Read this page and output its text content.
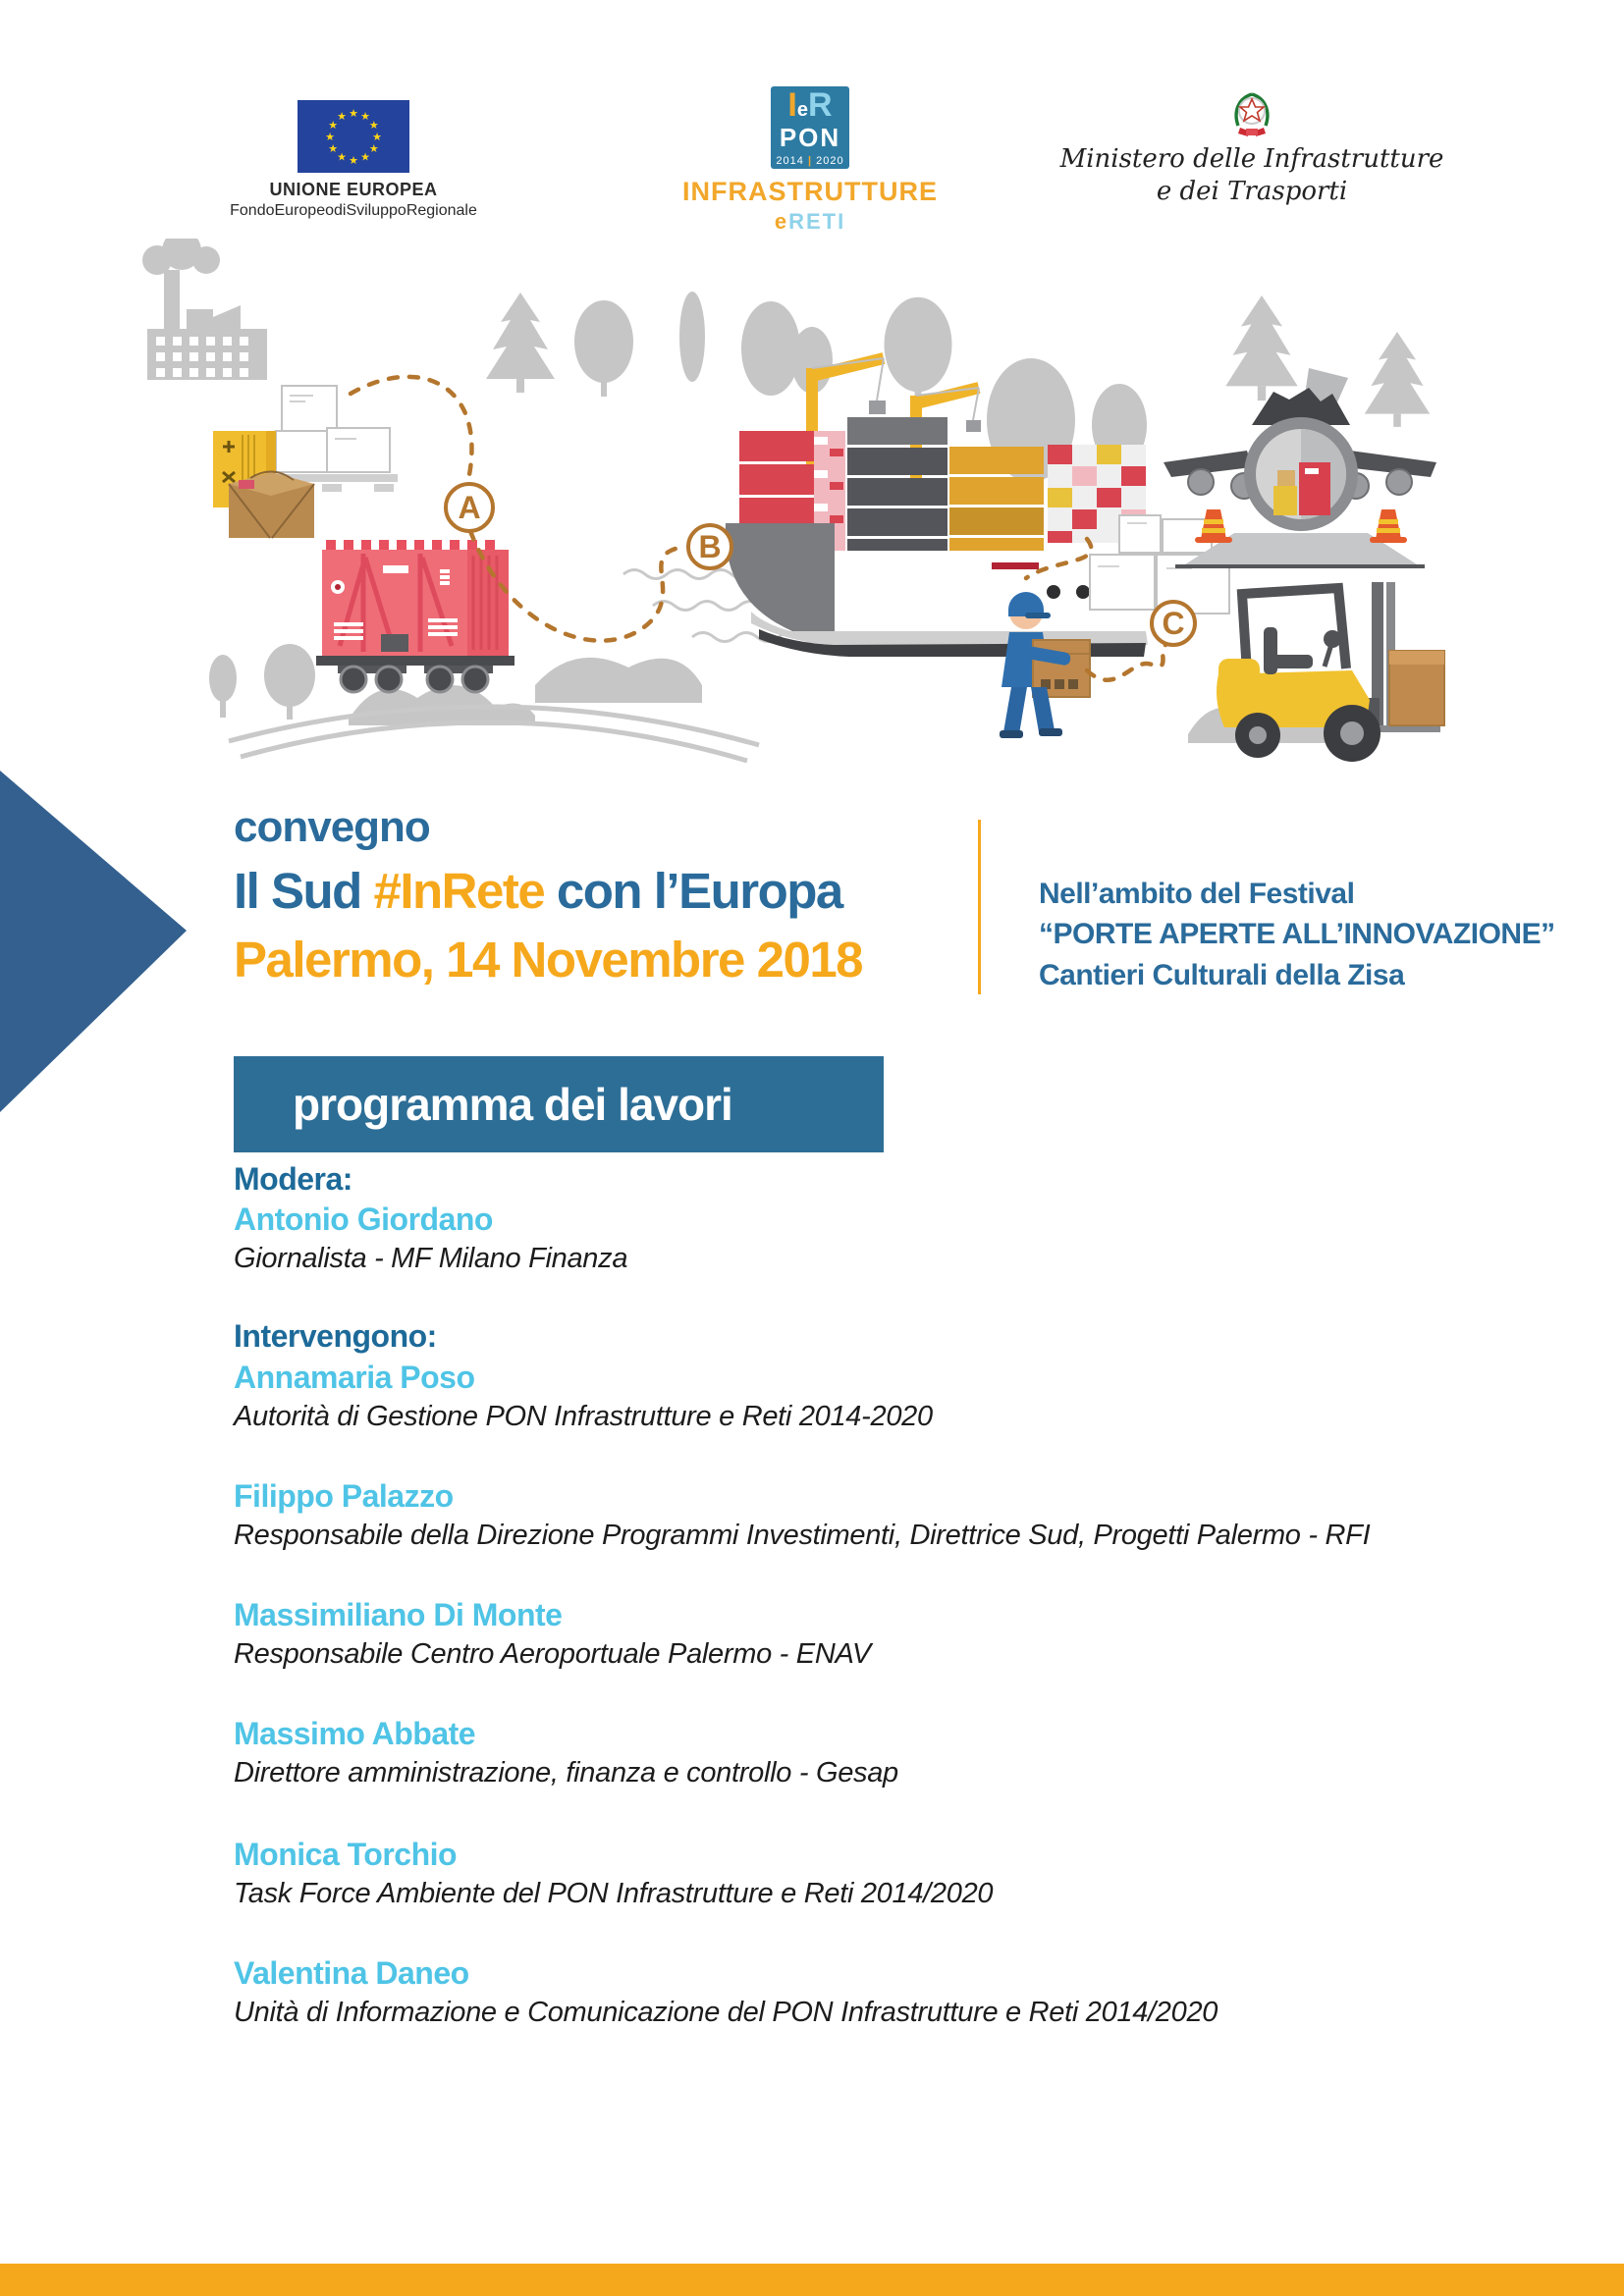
★ ★
★
★
★
★
★
★
★
★
★
★
UNIONE EUROPEA
FondoEuropeodiSviluppoRegionale
IeR
PON
2014 | 2020
INFRASTRUTTURE
eRETI
Ministero delle Infrastrutture
e dei Trasporti
A
B
C
convegno
Il Sud #InRete con l’Europa
Palermo, 14 Novembre 2018
Nell’ambito del Festival
“PORTE APERTE ALL’INNOVAZIONE”
Cantieri Culturali della Zisa
programma dei lavori
Modera:
Antonio Giordano
Giornalista - MF Milano Finanza
Intervengono:
Annamaria Poso
Autorità di Gestione PON Infrastrutture e Reti 2014-2020
Filippo Palazzo
Responsabile della Direzione Programmi Investimenti, Direttrice Sud, Progetti Palermo - RFI
Massimiliano Di Monte
Responsabile Centro Aeroportuale Palermo - ENAV
Massimo Abbate
Direttore amministrazione, finanza e controllo - Gesap
Monica Torchio
Task Force Ambiente del PON Infrastrutture e Reti 2014/2020
Valentina Daneo
Unità di Informazione e Comunicazione del PON Infrastrutture e Reti 2014/2020
